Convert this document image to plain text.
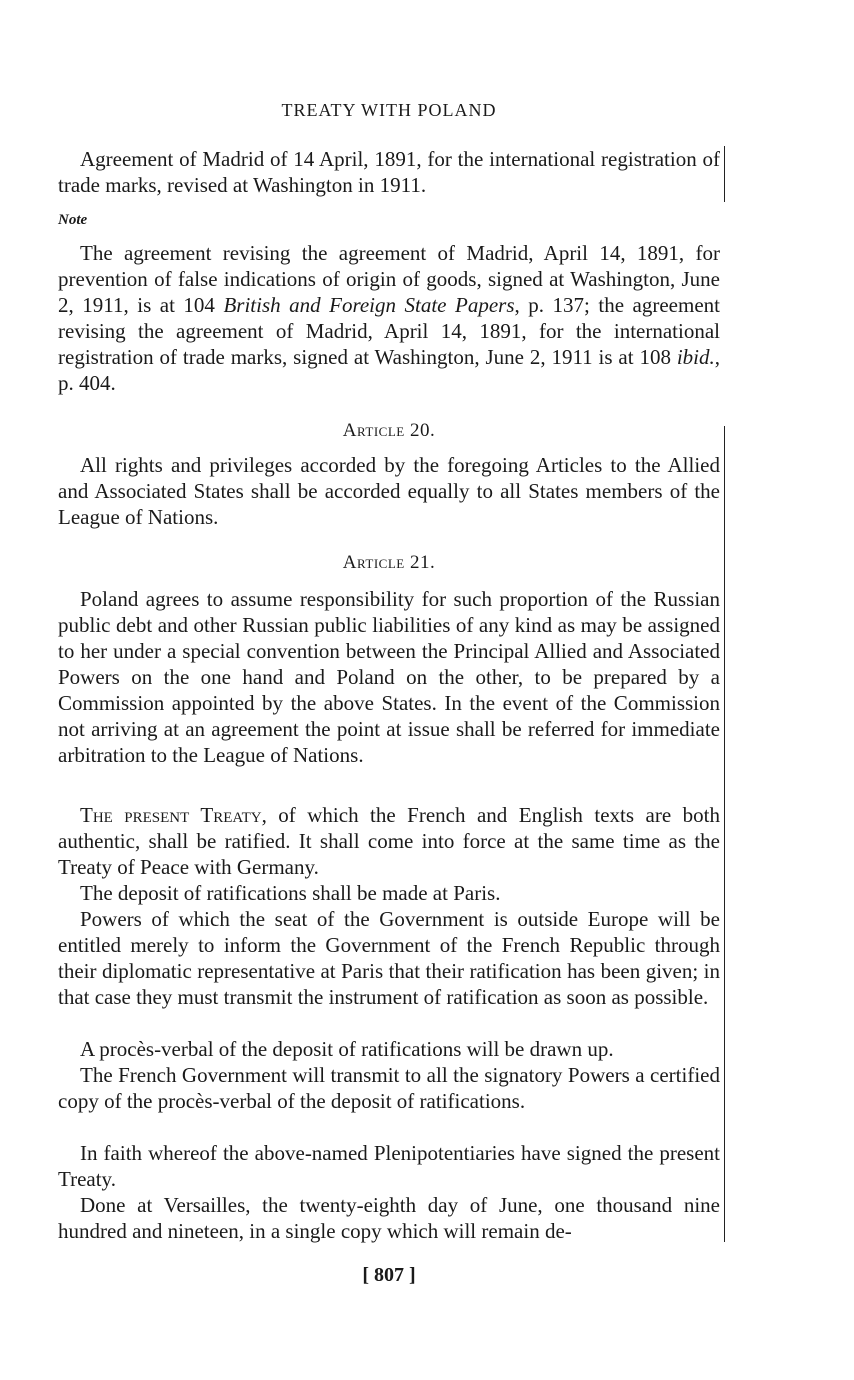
TREATY WITH POLAND
Agreement of Madrid of 14 April, 1891, for the international registration of trade marks, revised at Washington in 1911.
Note
The agreement revising the agreement of Madrid, April 14, 1891, for prevention of false indications of origin of goods, signed at Washington, June 2, 1911, is at 104 British and Foreign State Papers, p. 137; the agreement revising the agreement of Madrid, April 14, 1891, for the international registration of trade marks, signed at Washington, June 2, 1911 is at 108 ibid., p. 404.
Article 20.
All rights and privileges accorded by the foregoing Articles to the Allied and Associated States shall be accorded equally to all States members of the League of Nations.
Article 21.
Poland agrees to assume responsibility for such proportion of the Russian public debt and other Russian public liabilities of any kind as may be assigned to her under a special convention between the Principal Allied and Associated Powers on the one hand and Poland on the other, to be prepared by a Commission appointed by the above States. In the event of the Commission not arriving at an agreement the point at issue shall be referred for immediate arbitration to the League of Nations.
The present Treaty, of which the French and English texts are both authentic, shall be ratified. It shall come into force at the same time as the Treaty of Peace with Germany.
The deposit of ratifications shall be made at Paris.
Powers of which the seat of the Government is outside Europe will be entitled merely to inform the Government of the French Republic through their diplomatic representative at Paris that their ratification has been given; in that case they must transmit the instrument of ratification as soon as possible.
A procès-verbal of the deposit of ratifications will be drawn up.
The French Government will transmit to all the signatory Powers a certified copy of the procès-verbal of the deposit of ratifications.
In faith whereof the above-named Plenipotentiaries have signed the present Treaty.
Done at Versailles, the twenty-eighth day of June, one thousand nine hundred and nineteen, in a single copy which will remain de-
[ 807 ]
